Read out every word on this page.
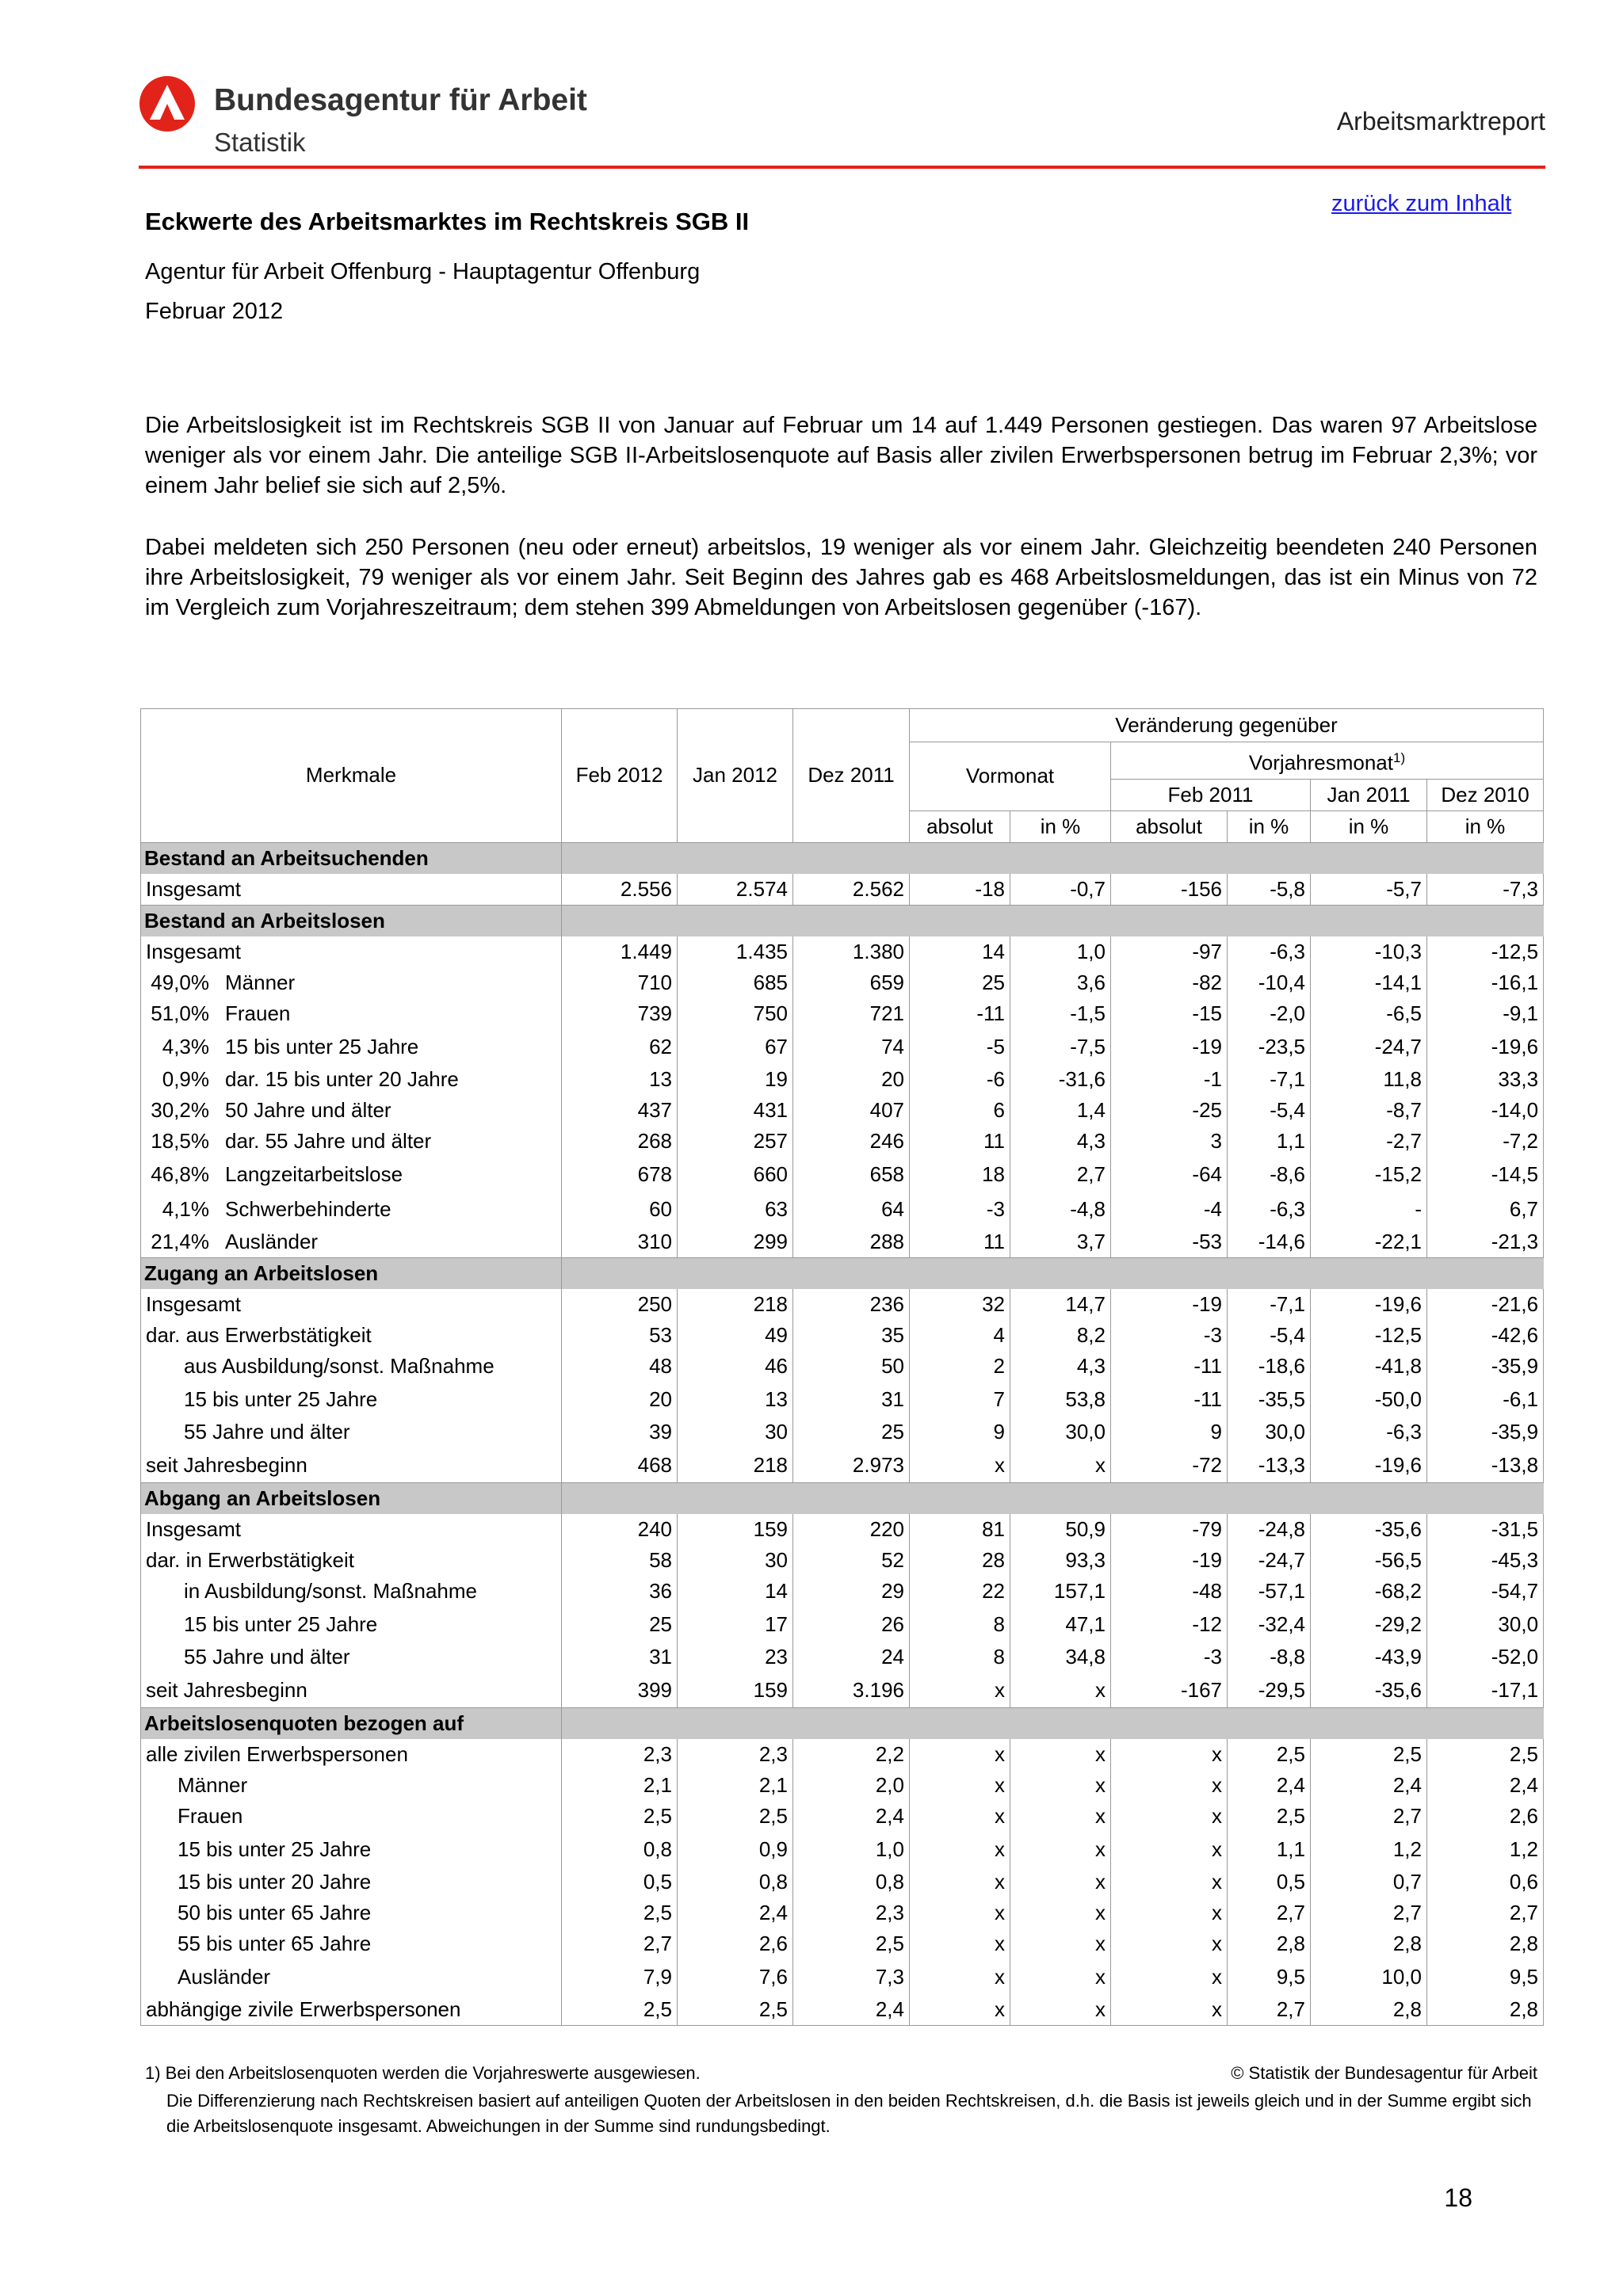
Bundesagentur für Arbeit
Statistik
Arbeitsmarktreport
zurück zum Inhalt
Eckwerte des Arbeitsmarktes im Rechtskreis SGB II
Agentur für Arbeit Offenburg - Hauptagentur Offenburg
Februar 2012

Die Arbeitslosigkeit ist im Rechtskreis SGB II von Januar auf Februar um 14 auf 1.449 Personen gestiegen. Das waren 97 Arbeitslose weniger als vor einem Jahr. Die anteilige SGB II-Arbeitslosenquote auf Basis aller zivilen Erwerbspersonen betrug im Februar 2,3%; vor einem Jahr belief sie sich auf 2,5%.

Dabei meldeten sich 250 Personen (neu oder erneut) arbeitslos, 19 weniger als vor einem Jahr. Gleichzeitig beendeten 240 Personen ihre Arbeitslosigkeit, 79 weniger als vor einem Jahr. Seit Beginn des Jahres gab es 468 Arbeitslosmeldungen, das ist ein Minus von 72 im Vergleich zum Vorjahreszeitraum; dem stehen 399 Abmeldungen von Arbeitslosen gegenüber (-167).

Merkmale	Feb 2012	Jan 2012	Dez 2011	Veränderung gegenüber					
				Vormonat		Vorjahresmonat$^{1)}$
						Feb 2011		Jan 2011	Dez 2010
				absolut	in %	absolut	in %	in %	in %
Bestand an Arbeitsuchenden									
Insgesamt	2.556	2.574	2.562	-18	-0,7	-156	-5,8	-5,7	-7,3
Bestand an Arbeitslosen									
Insgesamt	1.449	1.435	1.380	14	1,0	-97	-6,3	-10,3	-12,5
49,0% Männer	710	685	659	25	3,6	-82	-10,4	-14,1	-16,1
51,0% Frauen	739	750	721	-11	-1,5	-15	-2,0	-6,5	-9,1
4,3% 15 bis unter 25 Jahre	62	67	74	-5	-7,5	-19	-23,5	-24,7	-19,6
0,9% dar. 15 bis unter 20 Jahre	13	19	20	-6	-31,6	-1	-7,1	11,8	33,3
30,2% 50 Jahre und älter	437	431	407	6	1,4	-25	-5,4	-8,7	-14,0
18,5% dar. 55 Jahre und älter	268	257	246	11	4,3	3	1,1	-2,7	-7,2
46,8% Langzeitarbeitslose	678	660	658	18	2,7	-64	-8,6	-15,2	-14,5
4,1% Schwerbehinderte	60	63	64	-3	-4,8	-4	-6,3	-	6,7
21,4% Ausländer	310	299	288	11	3,7	-53	-14,6	-22,1	-21,3
Zugang an Arbeitslosen									
Insgesamt	250	218	236	32	14,7	-19	-7,1	-19,6	-21,6
dar. aus Erwerbstätigkeit	53	49	35	4	8,2	-3	-5,4	-12,5	-42,6
aus Ausbildung/sonst. Maßnahme	48	46	50	2	4,3	-11	-18,6	-41,8	-35,9
15 bis unter 25 Jahre	20	13	31	7	53,8	-11	-35,5	-50,0	-6,1
55 Jahre und älter	39	30	25	9	30,0	9	30,0	-6,3	-35,9
seit Jahresbeginn	468	218	2.973	x	x	-72	-13,3	-19,6	-13,8
Abgang an Arbeitslosen									
Insgesamt	240	159	220	81	50,9	-79	-24,8	-35,6	-31,5
dar. in Erwerbstätigkeit	58	30	52	28	93,3	-19	-24,7	-56,5	-45,3
in Ausbildung/sonst. Maßnahme	36	14	29	22	157,1	-48	-57,1	-68,2	-54,7
15 bis unter 25 Jahre	25	17	26	8	47,1	-12	-32,4	-29,2	30,0
55 Jahre und älter	31	23	24	8	34,8	-3	-8,8	-43,9	-52,0
seit Jahresbeginn	399	159	3.196	x	x	-167	-29,5	-35,6	-17,1
Arbeitslosenquoten bezogen auf									
alle zivilen Erwerbspersonen	2,3	2,3	2,2	x	x	x	2,5	2,5	2,5
Männer	2,1	2,1	2,0	x	x	x	2,4	2,4	2,4
Frauen	2,5	2,5	2,4	x	x	x	2,5	2,7	2,6
15 bis unter 25 Jahre	0,8	0,9	1,0	x	x	x	1,1	1,2	1,2
15 bis unter 20 Jahre	0,5	0,8	0,8	x	x	x	0,5	0,7	0,6
50 bis unter 65 Jahre	2,5	2,4	2,3	x	x	x	2,7	2,7	2,7
55 bis unter 65 Jahre	2,7	2,6	2,5	x	x	x	2,8	2,8	2,8
Ausländer	7,9	7,6	7,3	x	x	x	9,5	10,0	9,5
abhängige zivile Erwerbspersonen	2,5	2,5	2,4	x	x	x	2,7	2,8	2,8
1) Bei den Arbeitslosenquoten werden die Vorjahreswerte ausgewiesen.	© Statistik der Bundesagentur für Arbeit
Die Differenzierung nach Rechtskreisen basiert auf anteiligen Quoten der Arbeitslosen in den beiden Rechtskreisen, d.h. die Basis ist jeweils gleich und in der Summe ergibt sich die Arbeitslosenquote insgesamt. Abweichungen in der Summe sind rundungsbedingt.
18
